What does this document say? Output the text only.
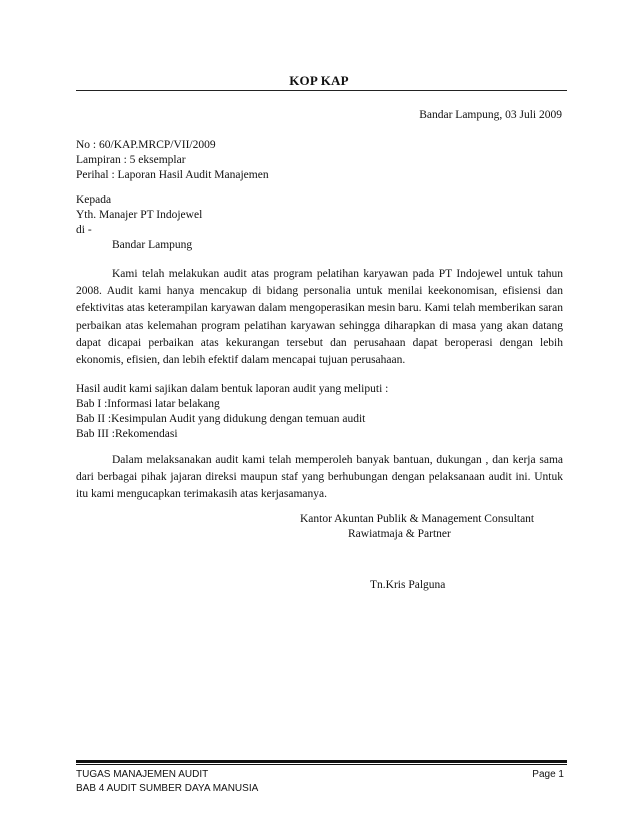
KOP KAP
Bandar Lampung, 03 Juli 2009
No : 60/KAP.MRCP/VII/2009
Lampiran : 5 eksemplar
Perihal : Laporan Hasil Audit Manajemen
Kepada
Yth. Manajer PT Indojewel
di -
Bandar Lampung
Kami telah melakukan audit atas program pelatihan karyawan pada PT Indojewel untuk tahun 2008. Audit kami hanya mencakup di bidang personalia untuk menilai keekonomisan, efisiensi dan efektivitas atas keterampilan karyawan dalam mengoperasikan mesin baru. Kami telah memberikan saran perbaikan atas kelemahan program pelatihan karyawan sehingga diharapkan di masa yang akan datang dapat dicapai perbaikan atas kekurangan tersebut dan perusahaan dapat beroperasi dengan lebih ekonomis, efisien, dan lebih efektif dalam mencapai tujuan perusahaan.
Hasil audit kami sajikan dalam bentuk laporan audit yang meliputi :
Bab I :Informasi latar belakang
Bab II :Kesimpulan Audit yang didukung dengan temuan audit
Bab III :Rekomendasi
Dalam melaksanakan audit kami telah memperoleh banyak bantuan, dukungan , dan kerja sama dari berbagai pihak jajaran direksi maupun staf yang berhubungan dengan pelaksanaan audit ini. Untuk itu kami mengucapkan terimakasih atas kerjasamanya.
Kantor Akuntan Publik & Management Consultant
Rawiatmaja & Partner
Tn.Kris Palguna
TUGAS MANAJEMEN AUDIT
BAB 4 AUDIT SUMBER DAYA MANUSIA
Page 1
